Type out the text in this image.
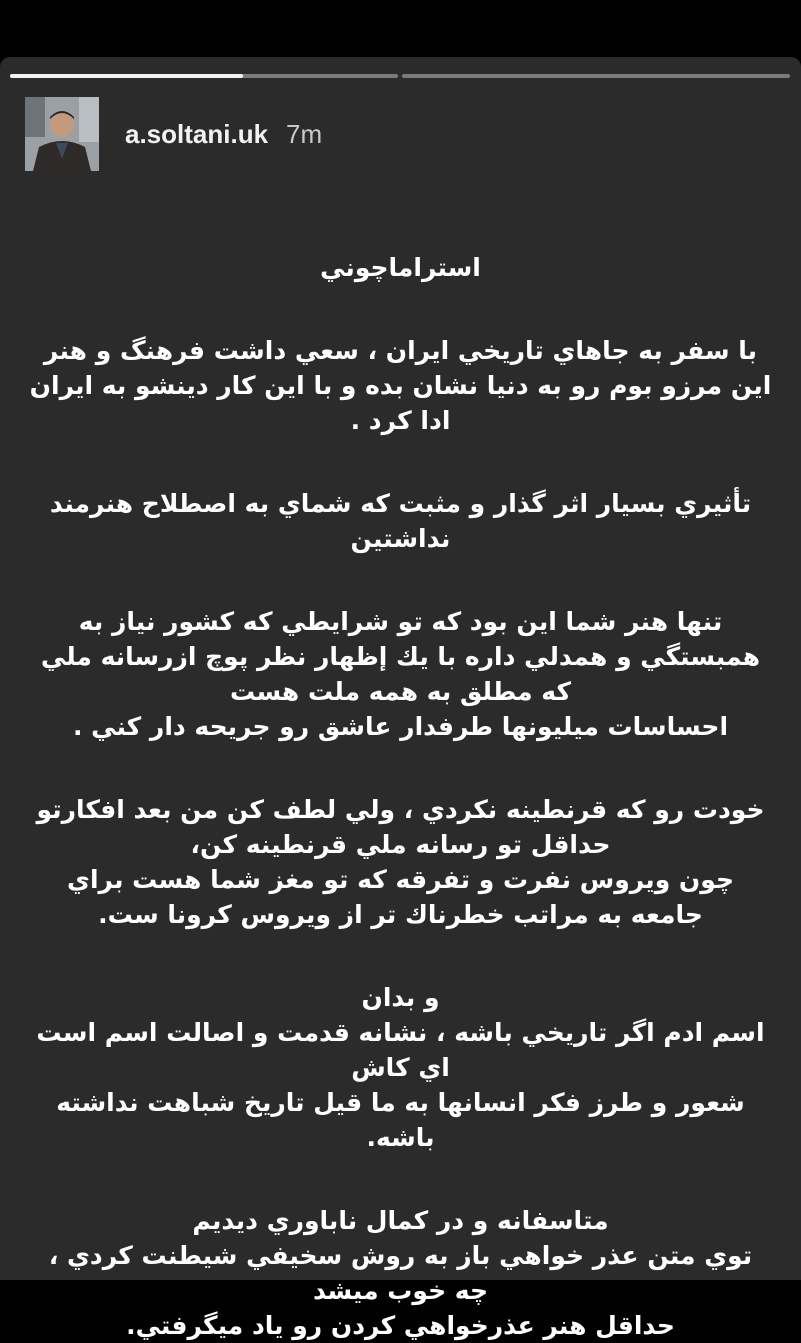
a.soltani.uk 7m
استراماچوني
با سفر به جاهاي تاريخي ايران ، سعي داشت فرهنگ و هنر
اين مرزو بوم رو به دنيا نشان بده و با اين كار دينشو به ايران
ادا كرد .
تأثيري بسيار اثر گذار و مثبت كه شماي به اصطلاح هنرمند
نداشتين
تنها هنر شما اين بود كه تو شرايطي كه كشور نياز به
همبستگي و همدلي داره با يك إظهار نظر پوچ ازرسانه ملي
كه مطلق به همه ملت هست
احساسات ميليونها طرفدار عاشق رو جريحه دار كني .
خودت رو كه قرنطينه نكردي ، ولي لطف كن من بعد افكارتو
حداقل تو رسانه ملي قرنطينه كن،
چون ويروس نفرت و تفرقه كه تو مغز شما هست براي
جامعه به مراتب خطرناك تر از ويروس كرونا ست.
و بدان
اسم ادم اگر تاريخي باشه ، نشانه قدمت و اصالت اسم است
اي كاش
شعور و طرز فكر انسانها به ما قيل تاريخ شباهت نداشته
باشه.
متاسفانه و در كمال ناباوري ديديم
توي متن عذر خواهي باز به روش سخيفي شيطنت كردي ،
چه خوب ميشد
حداقل هنر عذرخواهي كردن رو ياد ميگرفتي.
